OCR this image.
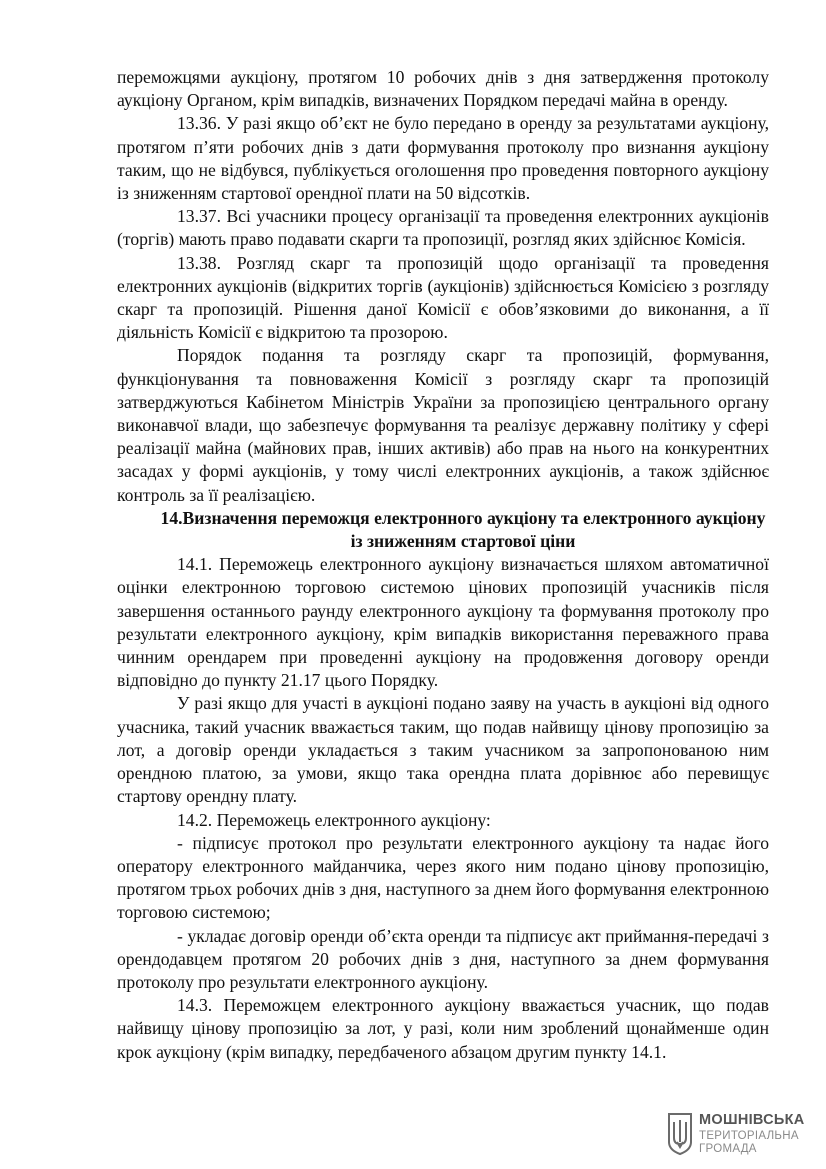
переможцями аукціону, протягом 10 робочих днів з дня затвердження протоколу аукціону Органом, крім випадків, визначених Порядком передачі майна в оренду.

13.36. У разі якщо об’єкт не було передано в оренду за результатами аукціону, протягом п’яти робочих днів з дати формування протоколу про визнання аукціону таким, що не відбувся, публікується оголошення про проведення повторного аукціону із зниженням стартової орендної плати на 50 відсотків.

13.37. Всі учасники процесу організації та проведення електронних аукціонів (торгів) мають право подавати скарги та пропозиції, розгляд яких здійснює Комісія.

13.38. Розгляд скарг та пропозицій щодо організації та проведення електронних аукціонів (відкритих торгів (аукціонів) здійснюється Комісією з розгляду скарг та пропозицій. Рішення даної Комісії є обов’язковими до виконання, а її діяльність Комісії є відкритою та прозорою.

Порядок подання та розгляду скарг та пропозицій, формування, функціонування та повноваження Комісії з розгляду скарг та пропозицій затверджуються Кабінетом Міністрів України за пропозицією центрального органу виконавчої влади, що забезпечує формування та реалізує державну політику у сфері реалізації майна (майнових прав, інших активів) або прав на нього на конкурентних засадах у формі аукціонів, у тому числі електронних аукціонів, а також здійснює контроль за її реалізацією.

14.Визначення переможця електронного аукціону та електронного аукціону із зниженням стартової ціни

14.1. Переможець електронного аукціону визначається шляхом автоматичної оцінки електронною торговою системою цінових пропозицій учасників після завершення останнього раунду електронного аукціону та формування протоколу про результати електронного аукціону, крім випадків використання переважного права чинним орендарем при проведенні аукціону на продовження договору оренди відповідно до пункту 21.17 цього Порядку.

У разі якщо для участі в аукціоні подано заяву на участь в аукціоні від одного учасника, такий учасник вважається таким, що подав найвищу цінову пропозицію за лот, а договір оренди укладається з таким учасником за запропонованою ним орендною платою, за умови, якщо така орендна плата дорівнює або перевищує стартову орендну плату.

14.2. Переможець електронного аукціону:

- підписує протокол про результати електронного аукціону та надає його оператору електронного майданчика, через якого ним подано цінову пропозицію, протягом трьох робочих днів з дня, наступного за днем його формування електронною торговою системою;

- укладає договір оренди об’єкта оренди та підписує акт приймання-передачі з орендодавцем протягом 20 робочих днів з дня, наступного за днем формування протоколу про результати електронного аукціону.

14.3. Переможцем електронного аукціону вважається учасник, що подав найвищу цінову пропозицію за лот, у разі, коли ним зроблений щонайменше один крок аукціону (крім випадку, передбаченого абзацом другим пункту 14.1.

МОШНІВСЬКА
ТЕРИТОРІАЛЬНА
ГРОМАДА
